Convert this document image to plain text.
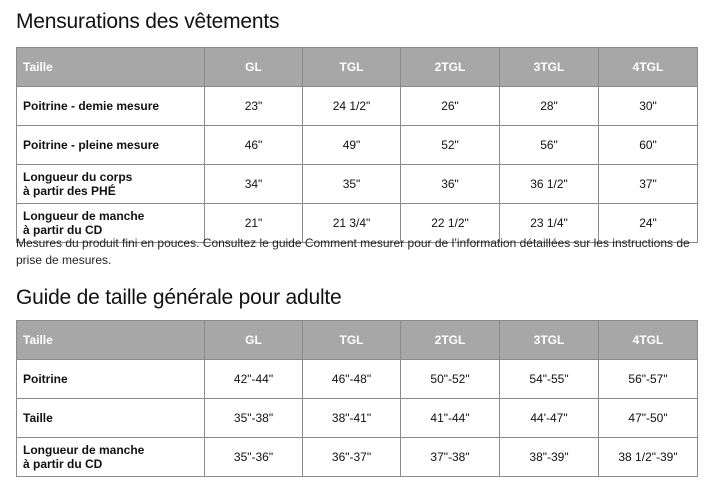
Mensurations des vêtements
Taille	GL	TGL	2TGL	3TGL	4TGL
Poitrine - demie mesure	23"	24 1/2"	26"	28"	30"
Poitrine - pleine mesure	46"	49"	52"	56"	60"
Longueur du corps
à partir des PHÉ	34"	35"	36"	36 1/2"	37"
Longueur de manche
à partir du CD	21"	21 3/4"	22 1/2"	23 1/4"	24"

Mesures du produit fini en pouces. Consultez le guide Comment mesurer pour de l’information détaillées sur les instructions de prise de mesures.

Guide de taille générale pour adulte
Taille	GL	TGL	2TGL	3TGL	4TGL
Poitrine	42"-44"	46"-48"	50"-52"	54"-55"	56"-57"
Taille	35"-38"	38"-41"	41"-44"	44'-47"	47"-50"
Longueur de manche
à partir du CD	35"-36"	36"-37"	37"-38"	38"-39"	38 1/2"-39"
